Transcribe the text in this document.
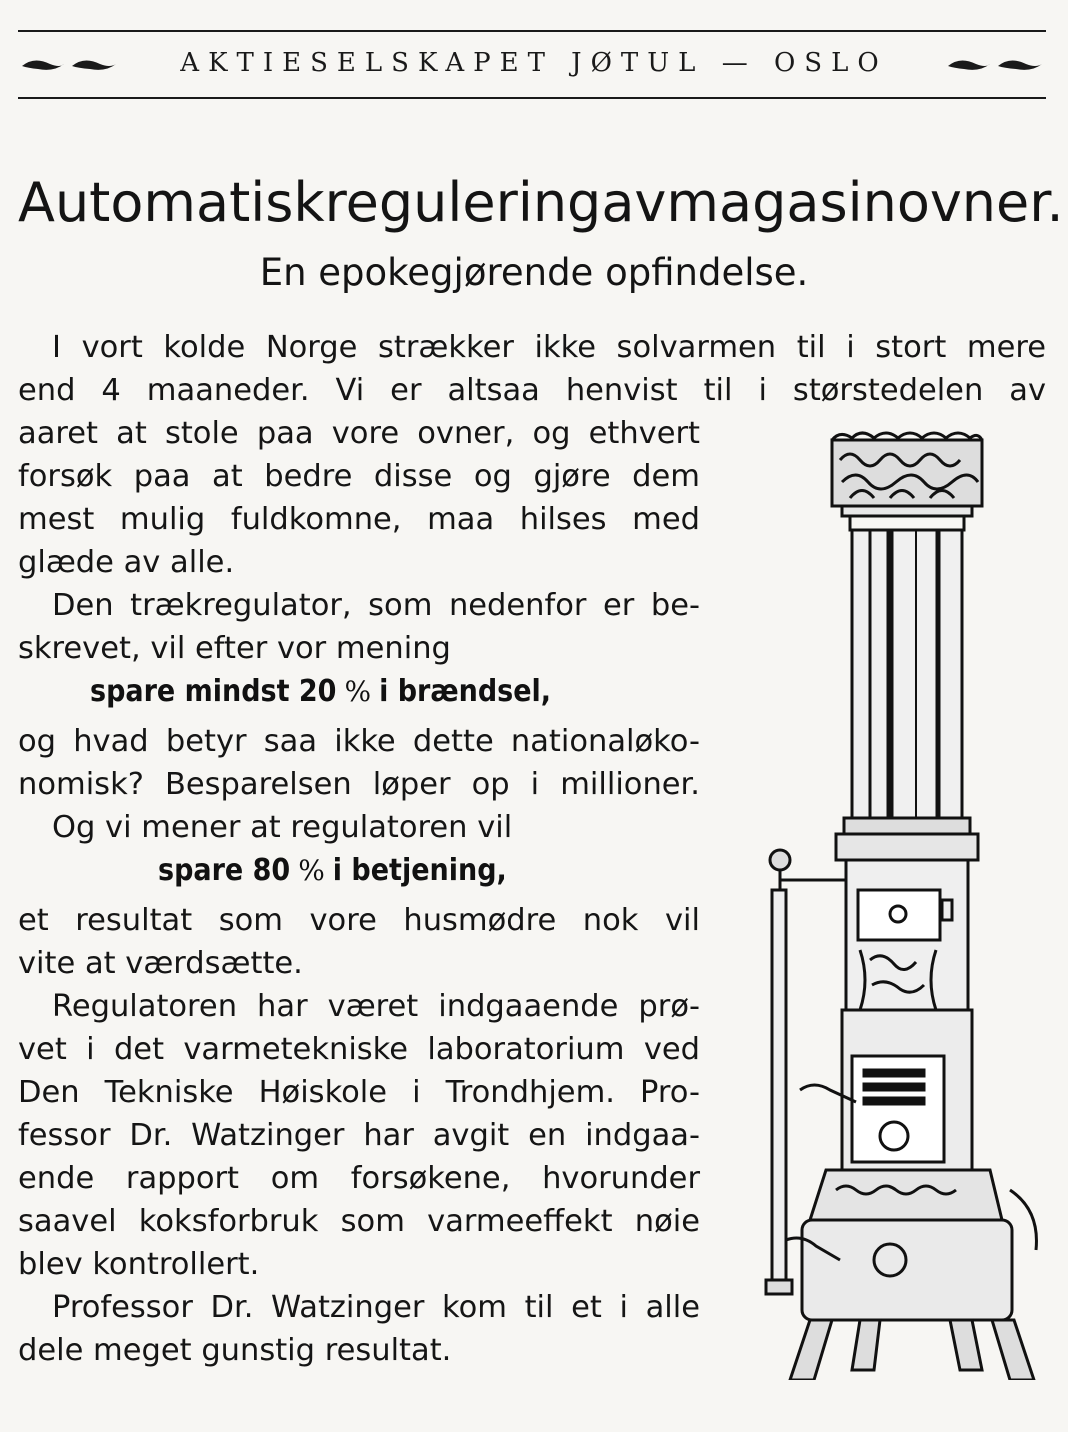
AKTIESELSKAPET JØTUL — OSLO
Automatisk regulering av magasinovner.
En epokegjørende opfindelse.
I vort kolde Norge strækker ikke solvarmen til i stort mere
end 4 maaneder. Vi er altsaa henvist til i størstedelen av
aaret at stole paa vore ovner, og ethvert
forsøk paa at bedre disse og gjøre dem
mest mulig fuldkomne, maa hilses med
glæde av alle.
Den trækregulator, som nedenfor er be-
skrevet, vil efter vor mening
spare mindst 20 % i brændsel,
og hvad betyr saa ikke dette nationaløko-
nomisk? Besparelsen løper op i millioner.
Og vi mener at regulatoren vil
spare 80 % i betjening,
et resultat som vore husmødre nok vil
vite at værdsætte.
Regulatoren har været indgaaende prø-
vet i det varmetekniske laboratorium ved
Den Tekniske Høiskole i Trondhjem. Pro-
fessor Dr. Watzinger har avgit en indgaa-
ende rapport om forsøkene, hvorunder
saavel koksforbruk som varmeeffekt nøie
blev kontrollert.
Professor Dr. Watzinger kom til et i alle
dele meget gunstig resultat.
